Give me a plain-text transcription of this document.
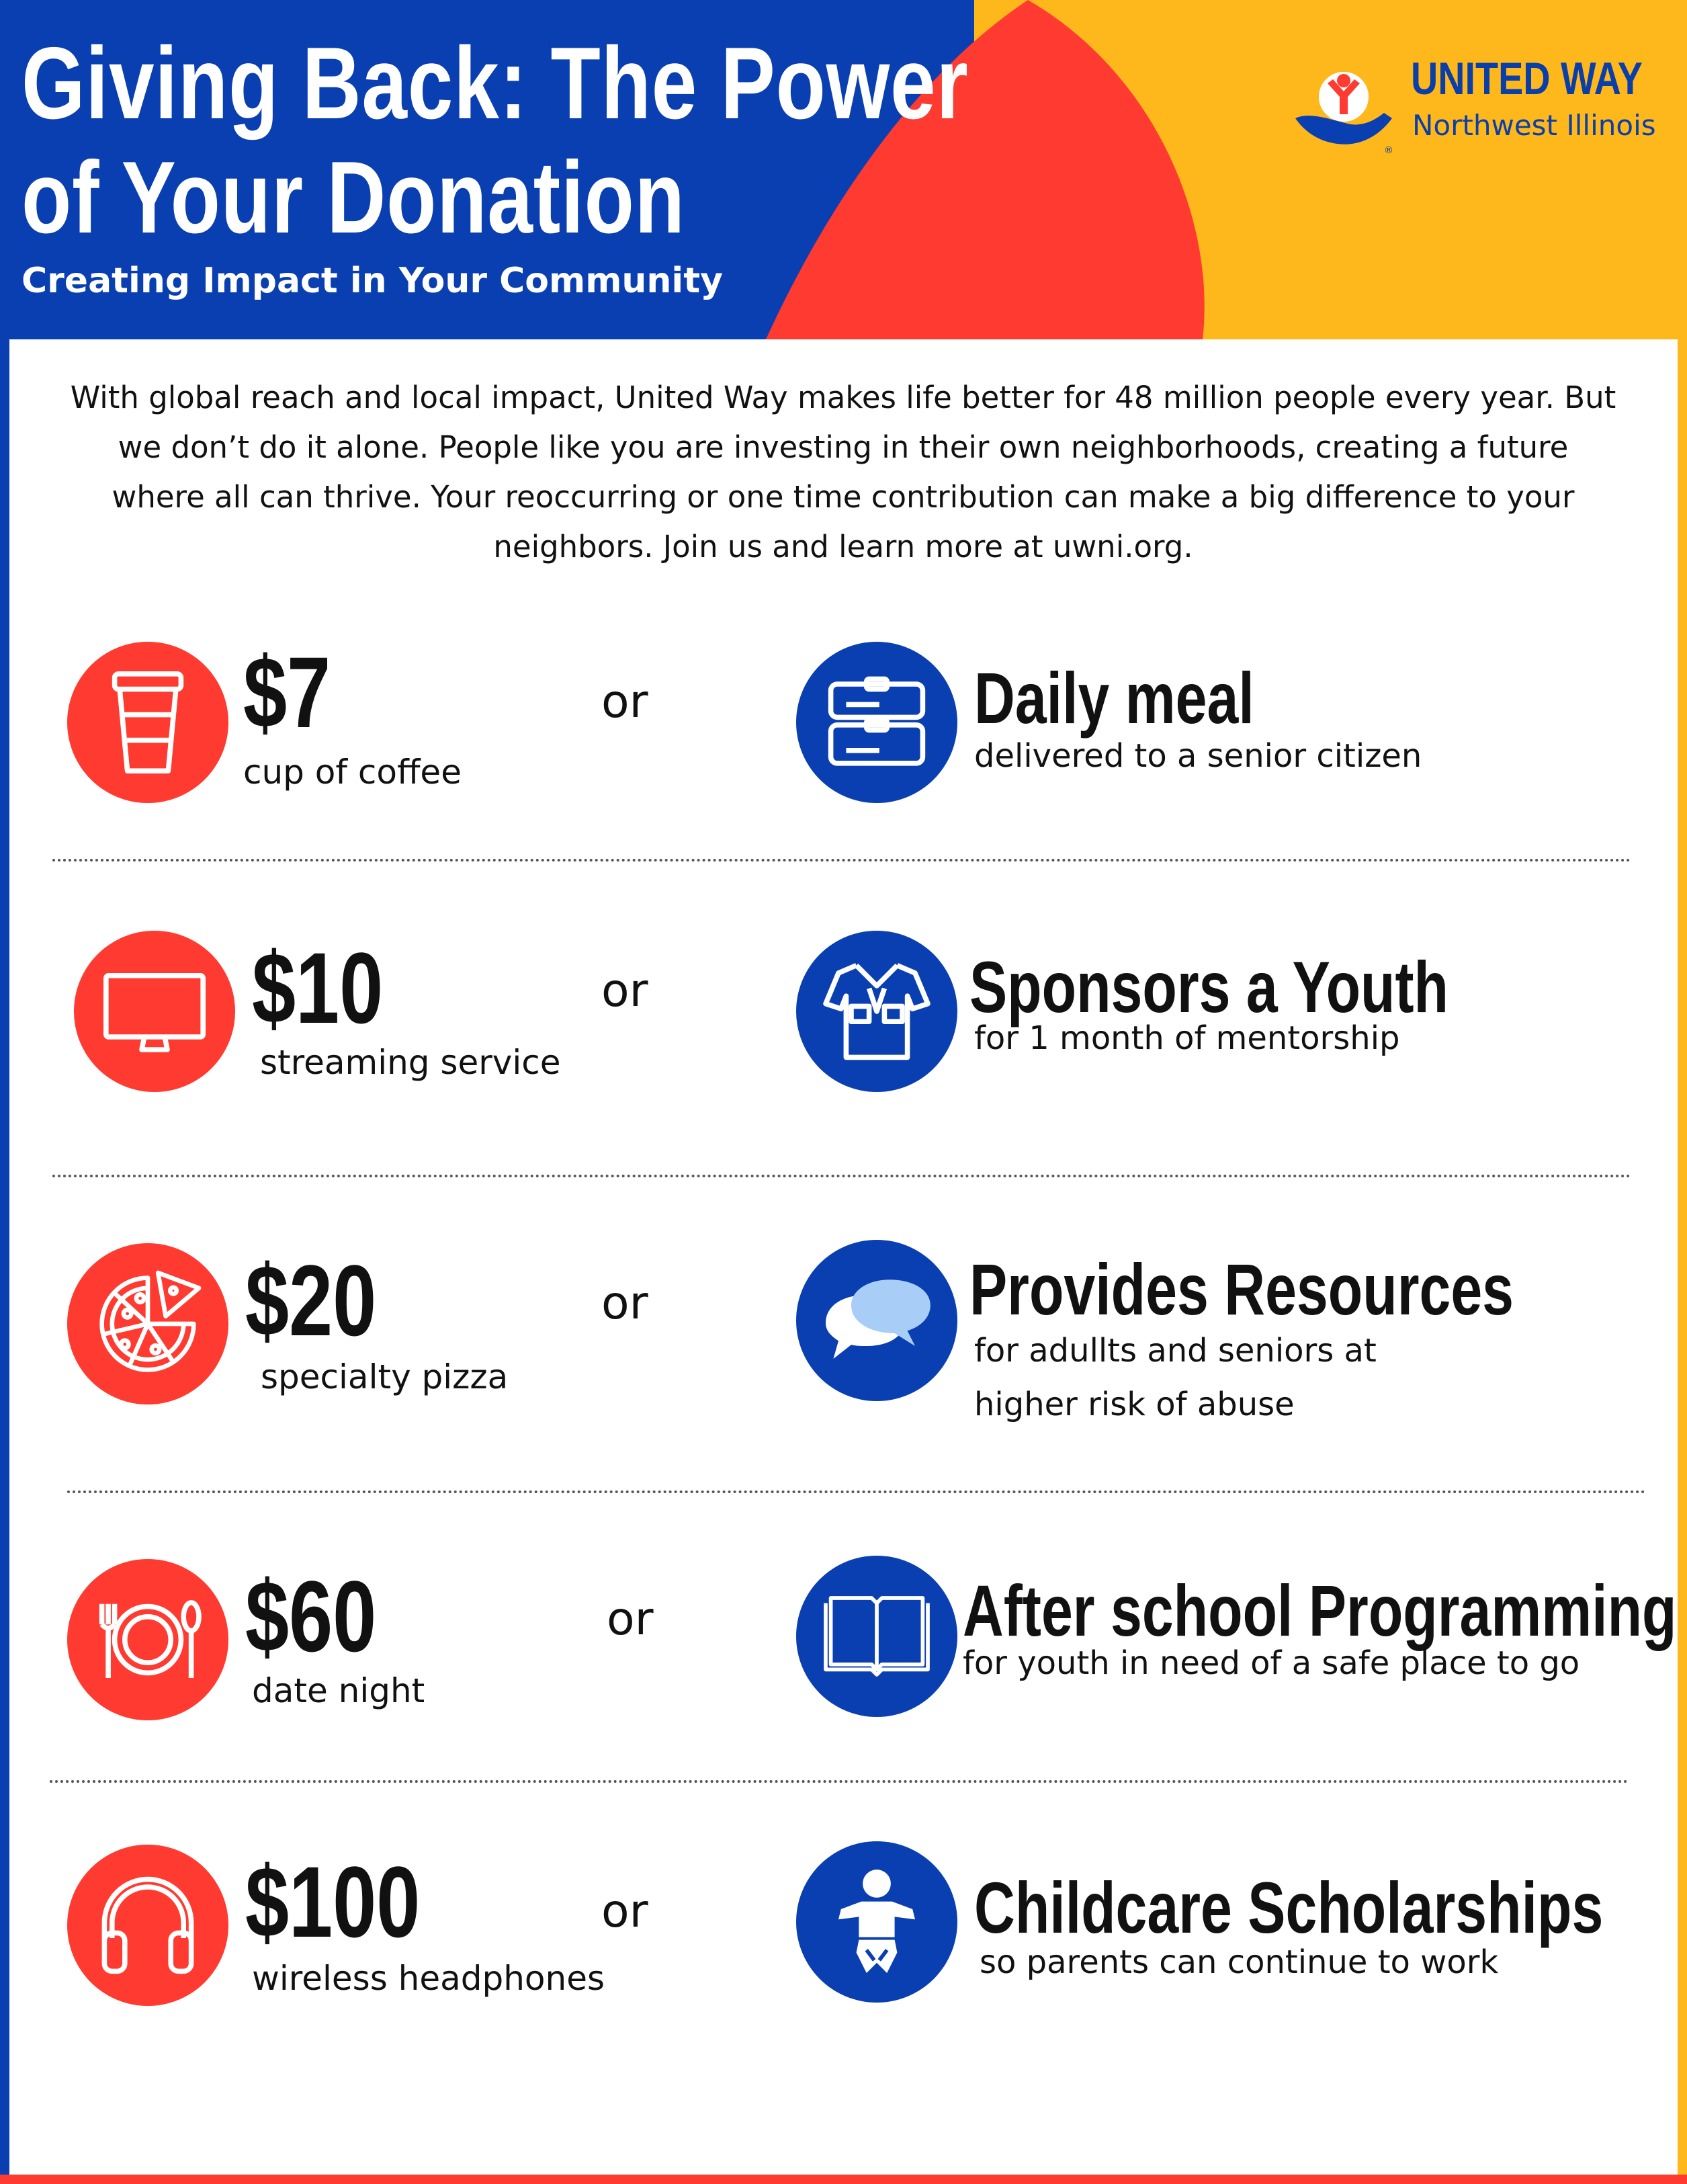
Giving Back: The Power
of Your Donation
Creating Impact in Your Community
®
UNITED WAY
Northwest Illinois
With global reach and local impact, United Way makes life better for 48 million people every year. But we don’t do it alone. People like you are investing in their own neighborhoods, creating a future where all can thrive. Your reoccurring or one time contribution can make a big difference to your neighbors. Join us and learn more at uwni.org.
$7
cup of coffee
or	Daily meal
delivered to a senior citizen
$10
streaming service
or	Sponsors a Youth
for 1 month of mentorship
$20
specialty pizza
or	Provides Resources
for adullts and seniors at
higher risk of abuse
$60
date night
or	After school Programming
for youth in need of a safe place to go
$100
wireless headphones
or	Childcare Scholarships
so parents can continue to work
